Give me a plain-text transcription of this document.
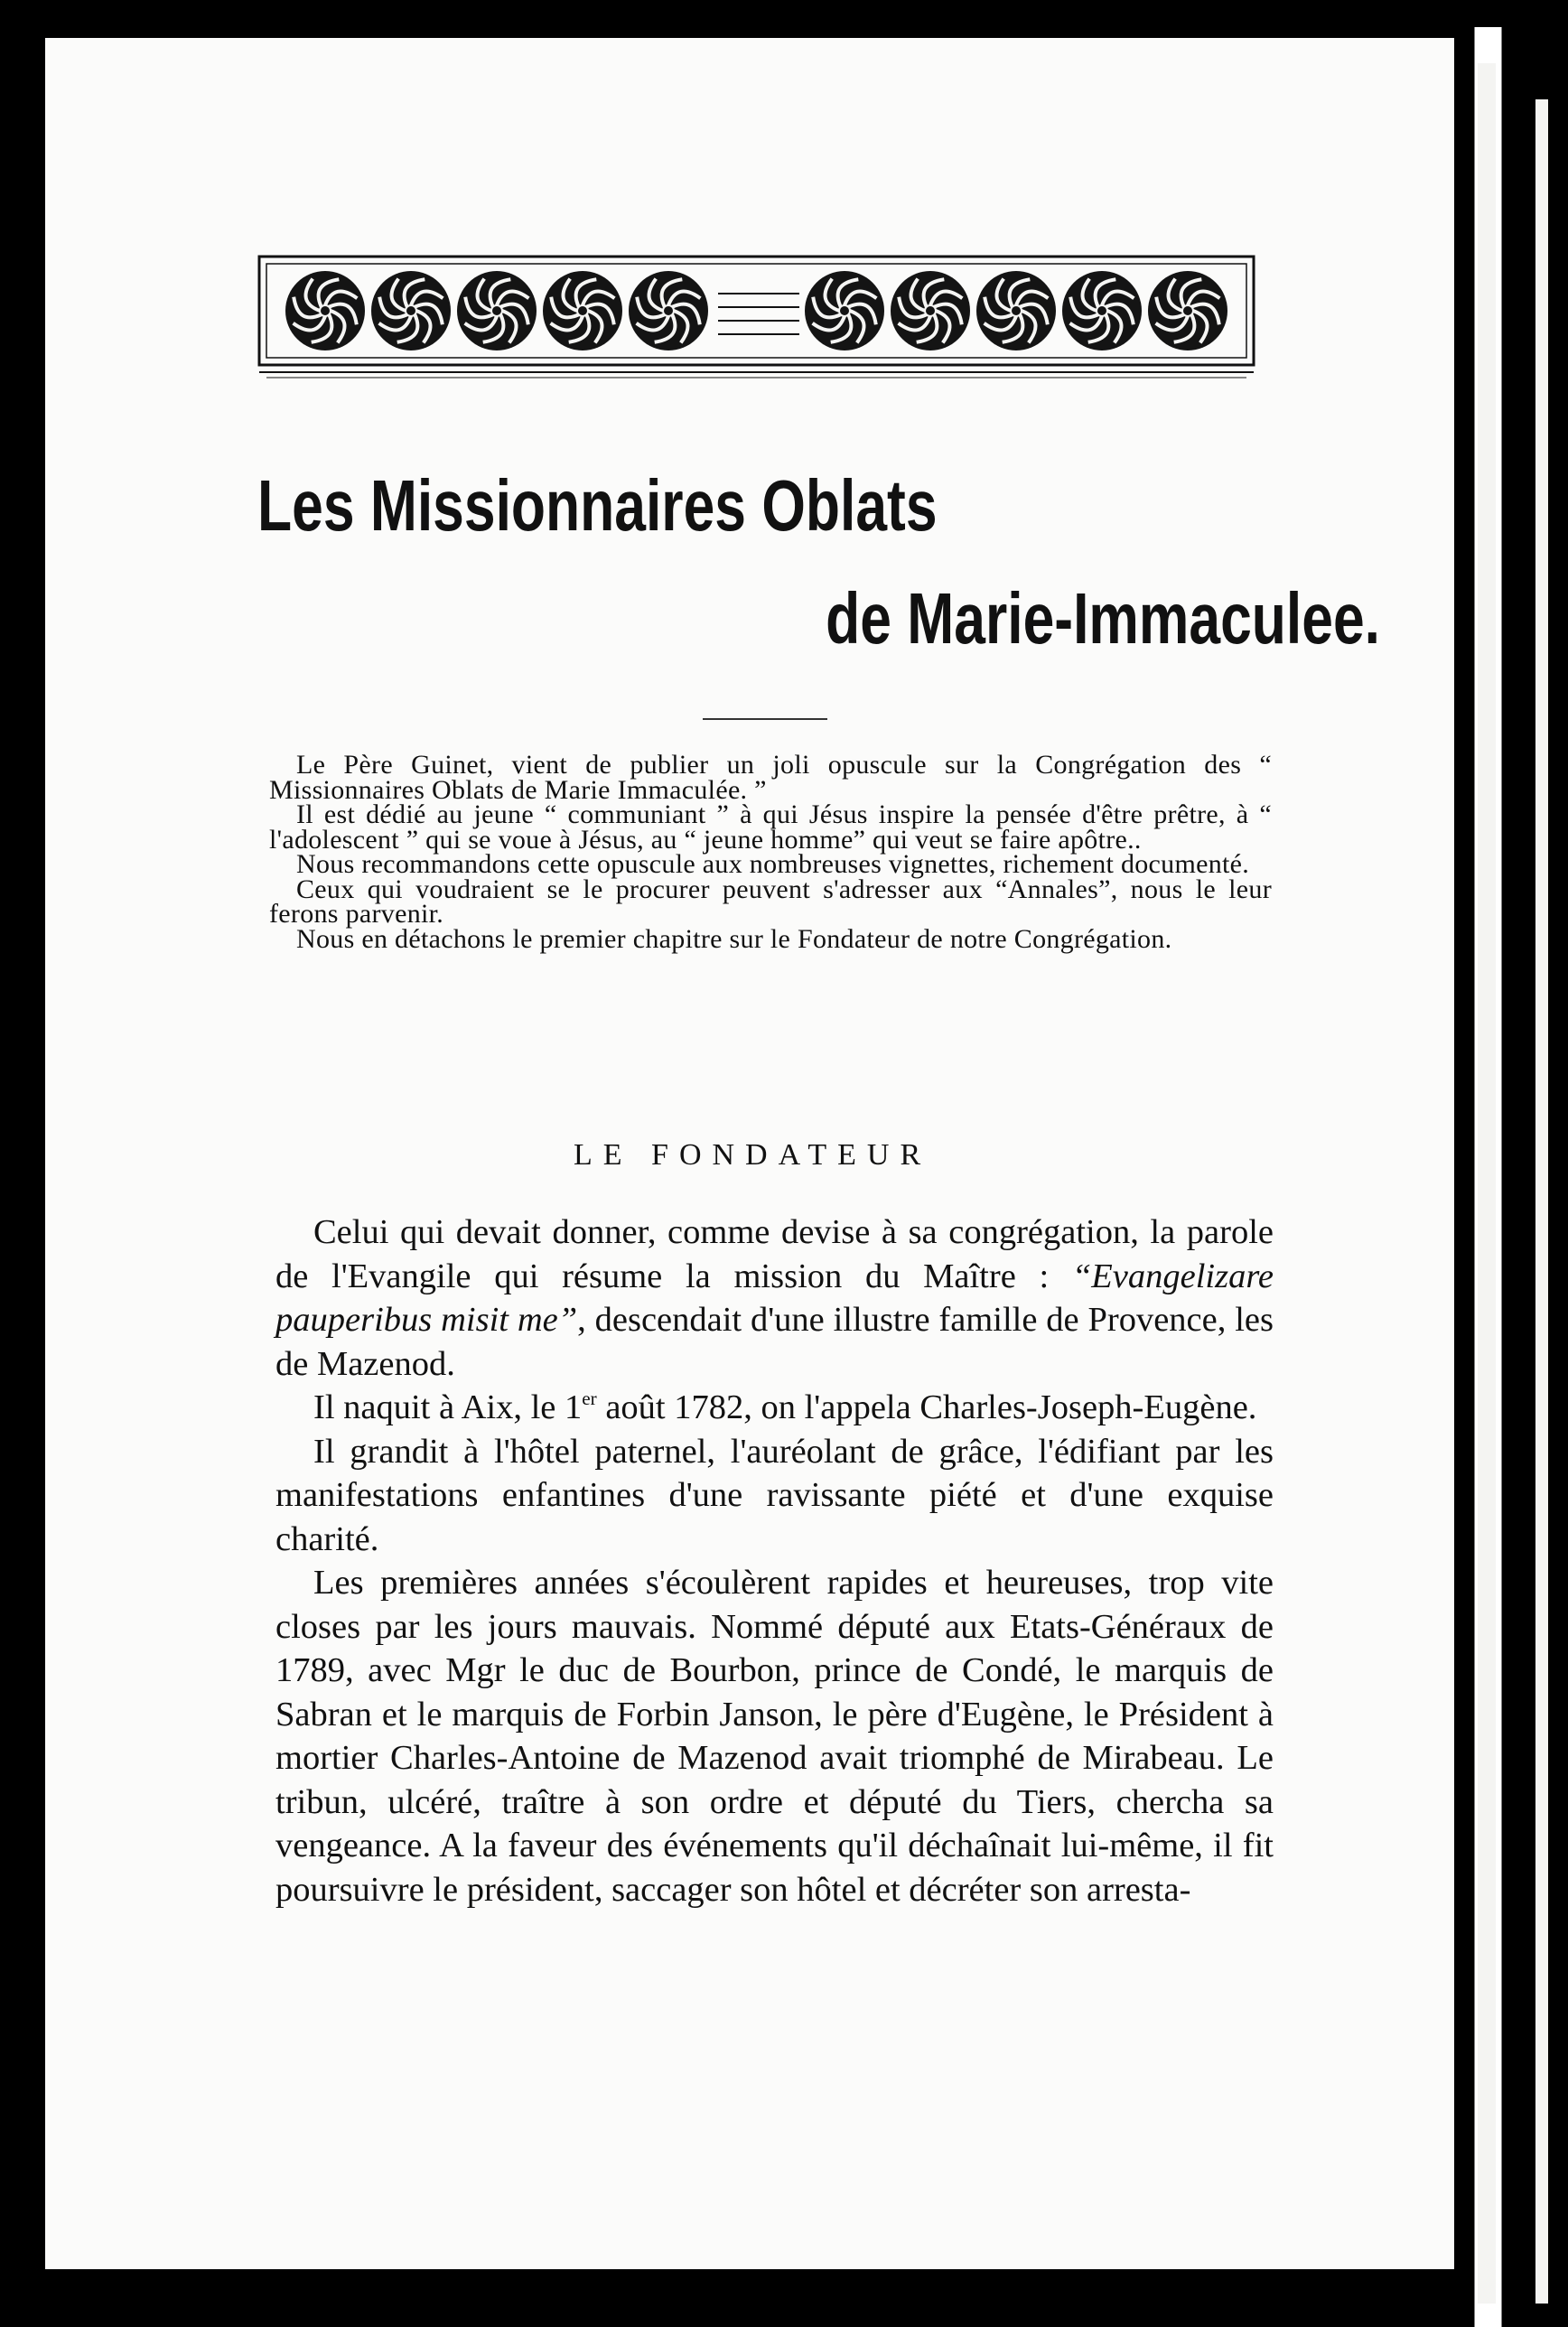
Les Missionnaires Oblats
de Marie-Immaculee.

Le Père Guinet, vient de publier un joli opuscule sur la Congrégation des “ Missionnaires Oblats de Marie Immaculée. ”

Il est dédié au jeune “ communiant ” à qui Jésus inspire la pensée d'être prêtre, à “ l'adolescent ” qui se voue à Jésus, au “ jeune homme” qui veut se faire apôtre..

Nous recommandons cette opuscule aux nombreuses vignettes, richement documenté.

Ceux qui voudraient se le procurer peuvent s'adresser aux “Annales”, nous le leur ferons parvenir.

Nous en détachons le premier chapitre sur le Fondateur de notre Congrégation.

LE FONDATEUR

Celui qui devait donner, comme devise à sa congrégation, la parole de l'Evangile qui résume la mission du Maître : “Evangelizare pauperibus misit me”, descendait d'une illustre famille de Provence, les de Mazenod.

Il naquit à Aix, le 1er août 1782, on l'appela Charles-Joseph-Eugène.

Il grandit à l'hôtel paternel, l'auréolant de grâce, l'édifiant par les manifestations enfantines d'une ravissante piété et d'une exquise charité.

Les premières années s'écoulèrent rapides et heureuses, trop vite closes par les jours mauvais. Nommé député aux Etats-Généraux de 1789, avec Mgr le duc de Bourbon, prince de Condé, le marquis de Sabran et le marquis de Forbin Janson, le père d'Eugène, le Président à mortier Charles-Antoine de Mazenod avait triomphé de Mirabeau. Le tribun, ulcéré, traître à son ordre et député du Tiers, chercha sa vengeance. A la faveur des événements qu'il déchaînait lui-même, il fit poursuivre le président, saccager son hôtel et décréter son arresta-
